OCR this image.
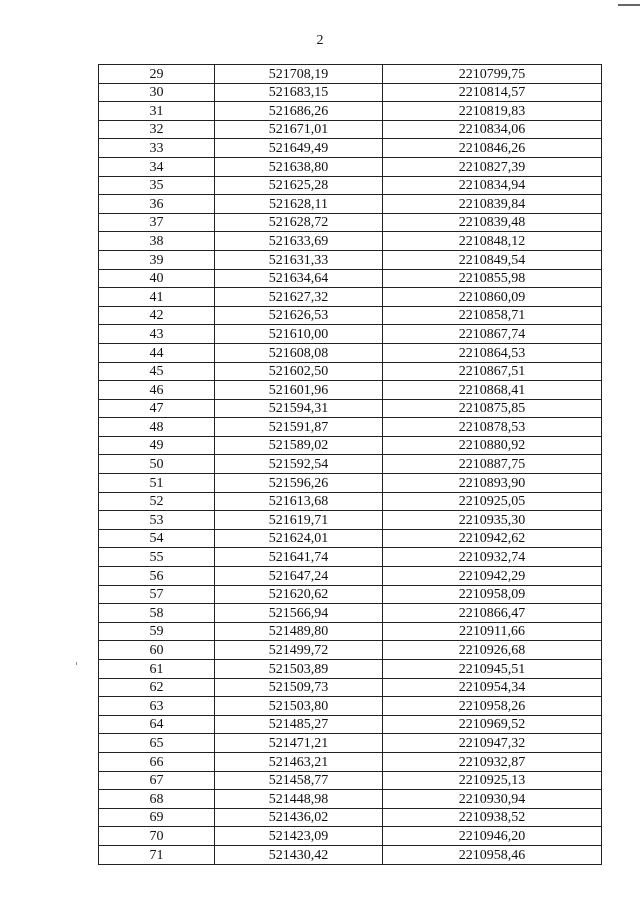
2
29	521708,19	2210799,75
30	521683,15	2210814,57
31	521686,26	2210819,83
32	521671,01	2210834,06
33	521649,49	2210846,26
34	521638,80	2210827,39
35	521625,28	2210834,94
36	521628,11	2210839,84
37	521628,72	2210839,48
38	521633,69	2210848,12
39	521631,33	2210849,54
40	521634,64	2210855,98
41	521627,32	2210860,09
42	521626,53	2210858,71
43	521610,00	2210867,74
44	521608,08	2210864,53
45	521602,50	2210867,51
46	521601,96	2210868,41
47	521594,31	2210875,85
48	521591,87	2210878,53
49	521589,02	2210880,92
50	521592,54	2210887,75
51	521596,26	2210893,90
52	521613,68	2210925,05
53	521619,71	2210935,30
54	521624,01	2210942,62
55	521641,74	2210932,74
56	521647,24	2210942,29
57	521620,62	2210958,09
58	521566,94	2210866,47
59	521489,80	2210911,66
60	521499,72	2210926,68
61	521503,89	2210945,51
62	521509,73	2210954,34
63	521503,80	2210958,26
64	521485,27	2210969,52
65	521471,21	2210947,32
66	521463,21	2210932,87
67	521458,77	2210925,13
68	521448,98	2210930,94
69	521436,02	2210938,52
70	521423,09	2210946,20
71	521430,42	2210958,46
